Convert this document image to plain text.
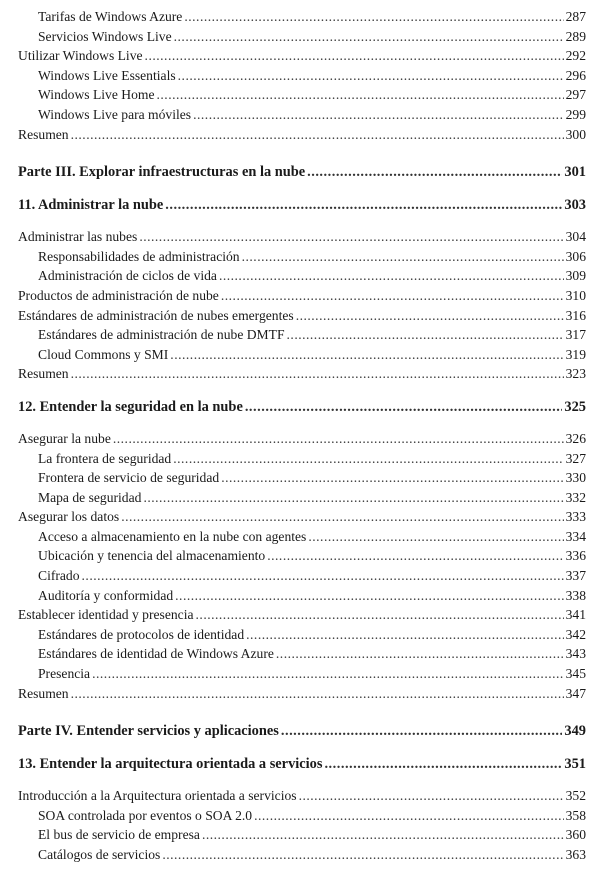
Tarifas de Windows Azure .....	287
Servicios Windows Live .....	289
Utilizar Windows Live .....	292
Windows Live Essentials .....	296
Windows Live Home .....	297
Windows Live para móviles .....	299
Resumen .....	300
Parte III. Explorar infraestructuras en la nube .....	301
11. Administrar la nube .....	303
Administrar las nubes .....	304
Responsabilidades de administración .....	306
Administración de ciclos de vida .....	309
Productos de administración de nube .....	310
Estándares de administración de nubes emergentes .....	316
Estándares de administración de nube DMTF .....	317
Cloud Commons y SMI .....	319
Resumen .....	323
12. Entender la seguridad en la nube .....	325
Asegurar la nube .....	326
La frontera de seguridad .....	327
Frontera de servicio de seguridad .....	330
Mapa de seguridad .....	332
Asegurar los datos .....	333
Acceso a almacenamiento en la nube con agentes .....	334
Ubicación y tenencia del almacenamiento .....	336
Cifrado .....	337
Auditoría y conformidad .....	338
Establecer identidad y presencia .....	341
Estándares de protocolos de identidad .....	342
Estándares de identidad de Windows Azure .....	343
Presencia .....	345
Resumen .....	347
Parte IV. Entender servicios y aplicaciones .....	349
13. Entender la arquitectura orientada a servicios .....	351
Introducción a la Arquitectura orientada a servicios .....	352
SOA controlada por eventos o SOA 2.0 .....	358
El bus de servicio de empresa .....	360
Catálogos de servicios .....	363
